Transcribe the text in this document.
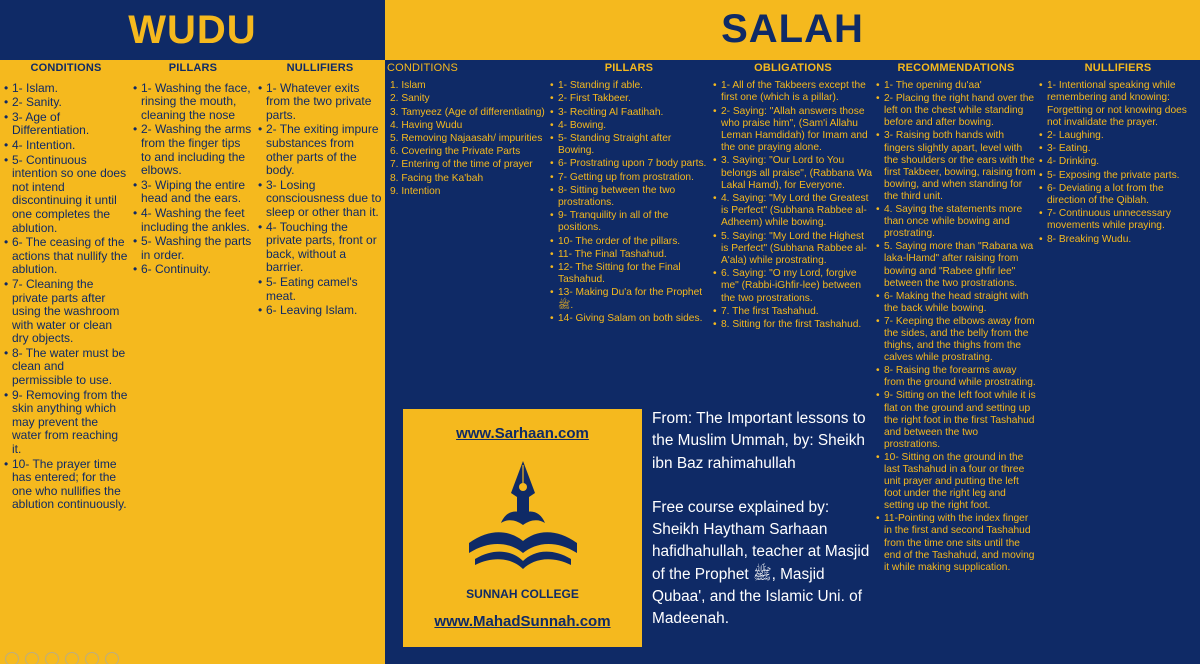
WUDU	SALAH
CONDITIONS
• 1- Islam.
• 2- Sanity.
• 3- Age of Differentiation.
• 4- Intention.
• 5- Continuous intention so one does not intend discontinuing it until one completes the ablution.
• 6- The ceasing of the actions that nullify the ablution.
• 7- Cleaning the private parts after using the washroom with water or clean dry objects.
• 8- The water must be clean and permissible to use.
• 9- Removing from the skin anything which may prevent the water from reaching it.
• 10- The prayer time has entered; for the one who nullifies the ablution continuously.
PILLARS
• 1- Washing the face, rinsing the mouth, cleaning the nose
• 2- Washing the arms from the finger tips to and including the elbows.
• 3- Wiping the entire head and the ears.
• 4- Washing the feet including the ankles.
• 5- Washing the parts in order.
• 6- Continuity.
NULLIFIERS
• 1- Whatever exits from the two private parts.
• 2- The exiting impure substances from other parts of the body.
• 3- Losing consciousness due to sleep or other than it.
• 4- Touching the private parts, front or back, without a barrier.
• 5- Eating camel's meat.
• 6- Leaving Islam.
CONDITIONS
1. Islam
2. Sanity
3. Tamyeez (Age of differentiating)
4. Having Wudu
5. Removing Najaasah/ impurities
6. Covering the Private Parts
7. Entering of the time of prayer
8. Facing the Ka'bah
9. Intention
PILLARS
• 1- Standing if able.
• 2- First Takbeer.
• 3- Reciting Al Faatihah.
• 4- Bowing.
• 5- Standing Straight after Bowing.
• 6- Prostrating upon 7 body parts.
• 7- Getting up from prostration.
• 8- Sitting between the two prostrations.
• 9- Tranquility in all of the positions.
• 10- The order of the pillars.
• 11- The Final Tashahud.
• 12- The Sitting for the Final Tashahud.
• 13- Making Du'a for the Prophet ﷺ.
• 14- Giving Salam on both sides.
OBLIGATIONS
• 1- All of the Takbeers except the first one (which is a pillar).
• 2- Saying: "Allah answers those who praise him", (Sam'i Allahu Leman Hamdidah) for Imam and the one praying alone.
• 3. Saying: "Our Lord to You belongs all praise", (Rabbana Wa Lakal Hamd), for Everyone.
• 4. Saying: "My Lord the Greatest is Perfect" (Subhana Rabbee al-Adheem) while bowing.
• 5. Saying: "My Lord the Highest is Perfect" (Subhana Rabbee al-A'ala) while prostrating.
• 6. Saying: "O my Lord, forgive me" (Rabbi-iGhfir-lee) between the two prostrations.
• 7. The first Tashahud.
• 8. Sitting for the first Tashahud.
RECOMMENDATIONS
• 1- The opening du'aa'
• 2- Placing the right hand over the left on the chest while standing before and after bowing.
• 3- Raising both hands with fingers slightly apart, level with the shoulders or the ears with the first Takbeer, bowing, raising from bowing, and when standing for the third unit.
• 4. Saying the statements more than once while bowing and prostrating.
• 5. Saying more than "Rabana wa laka-lHamd" after raising from bowing and "Rabee ghfir lee" between the two prostrations.
• 6- Making the head straight with the back while bowing.
• 7- Keeping the elbows away from the sides, and the belly from the thighs, and the thighs from the calves while prostrating.
• 8- Raising the forearms away from the ground while prostrating.
• 9- Sitting on the left foot while it is flat on the ground and setting up the right foot in the first Tashahud and between the two prostrations.
• 10- Sitting on the ground in the last Tashahud in a four or three unit prayer and putting the left foot under the right leg and setting up the right foot.
• 11-Pointing with the index finger in the first and second Tashahud from the time one sits until the end of the Tashahud, and moving it while making supplication.
NULLIFIERS
• 1- Intentional speaking while remembering and knowing: Forgetting or not knowing does not invalidate the prayer.
• 2- Laughing.
• 3- Eating.
• 4- Drinking.
• 5- Exposing the private parts.
• 6- Deviating a lot from the direction of the Qiblah.
• 7- Continuous unnecessary movements while praying.
• 8- Breaking Wudu.
www.Sarhaan.com
SUNNAH COLLEGE
www.MahadSunnah.com

From: The Important lessons to the Muslim Ummah, by: Sheikh ibn Baz rahimahullah

Free course explained by: Sheikh Haytham Sarhaan hafidhahullah, teacher at Masjid of the Prophet ﷺ, Masjid Qubaa', and the Islamic Uni. of Madeenah.
